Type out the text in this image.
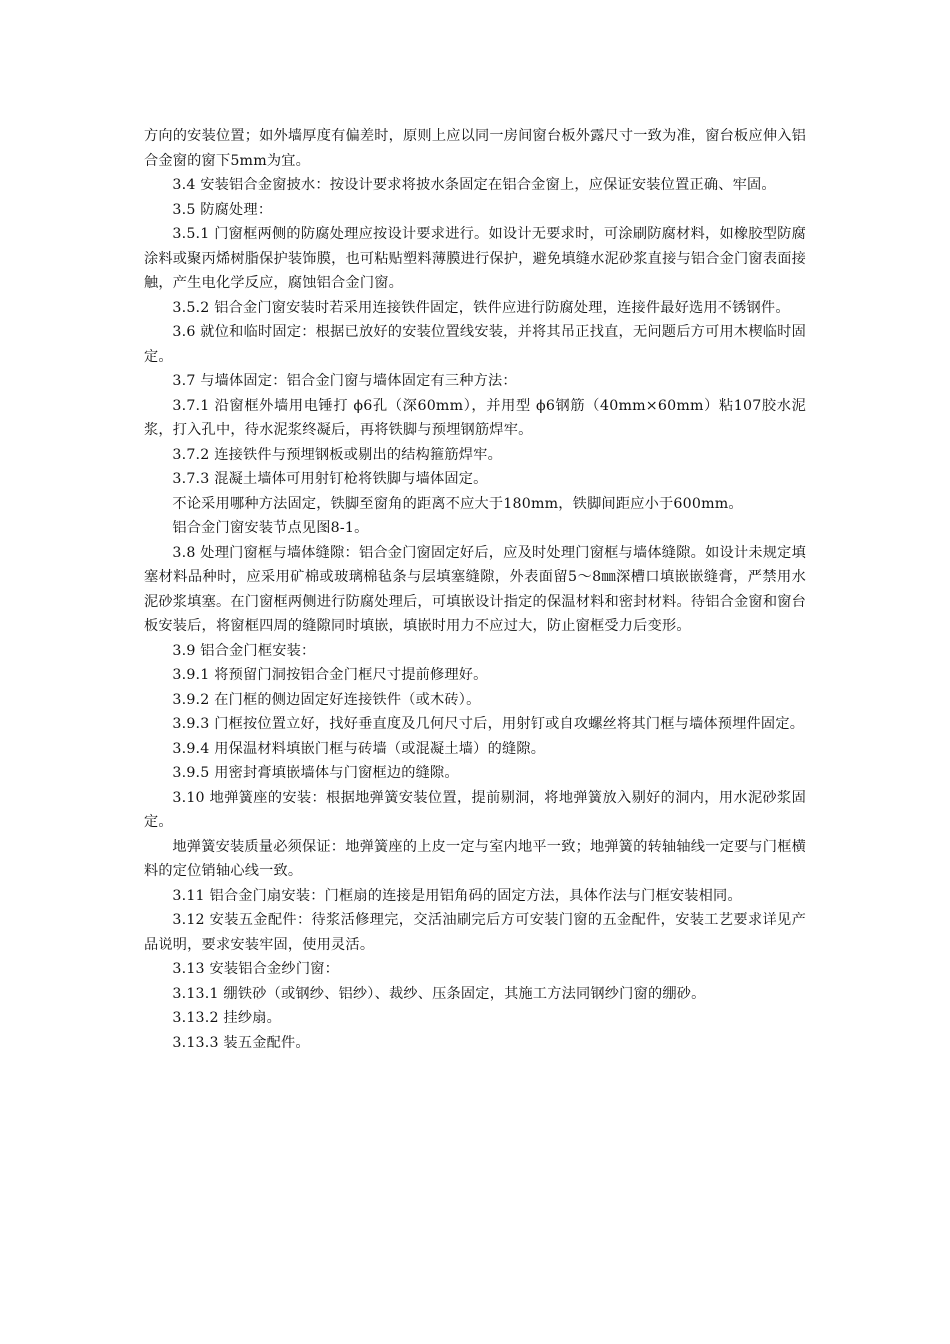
方向的安装位置；如外墙厚度有偏差时，原则上应以同一房间窗台板外露尺寸一致为准，窗台板应伸入铝合金窗的窗下5mm为宜。

3.4 安装铝合金窗披水：按设计要求将披水条固定在铝合金窗上，应保证安装位置正确、牢固。

3.5 防腐处理：

3.5.1 门窗框两侧的防腐处理应按设计要求进行。如设计无要求时，可涂刷防腐材料，如橡胶型防腐涂料或聚丙烯树脂保护装饰膜，也可粘贴塑料薄膜进行保护，避免填缝水泥砂浆直接与铝合金门窗表面接触，产生电化学反应，腐蚀铝合金门窗。

3.5.2 铝合金门窗安装时若采用连接铁件固定，铁件应进行防腐处理，连接件最好选用不锈钢件。

3.6 就位和临时固定：根据已放好的安装位置线安装，并将其吊正找直，无问题后方可用木楔临时固定。

3.7 与墙体固定：铝合金门窗与墙体固定有三种方法：

3.7.1 沿窗框外墙用电锤打 ϕ6孔（深60mm），并用型 ϕ6钢筋（40mm×60mm）粘107胶水泥浆，打入孔中，待水泥浆终凝后，再将铁脚与预埋钢筋焊牢。

3.7.2 连接铁件与预埋钢板或剔出的结构箍筋焊牢。

3.7.3 混凝土墙体可用射钉枪将铁脚与墙体固定。

不论采用哪种方法固定，铁脚至窗角的距离不应大于180mm，铁脚间距应小于600mm。

铝合金门窗安装节点见图8-1。

3.8 处理门窗框与墙体缝隙：铝合金门窗固定好后，应及时处理门窗框与墙体缝隙。如设计未规定填塞材料品种时，应采用矿棉或玻璃棉毡条与层填塞缝隙，外表面留5～8㎜深槽口填嵌嵌缝膏，严禁用水泥砂浆填塞。在门窗框两侧进行防腐处理后，可填嵌设计指定的保温材料和密封材料。待铝合金窗和窗台板安装后，将窗框四周的缝隙同时填嵌，填嵌时用力不应过大，防止窗框受力后变形。

3.9 铝合金门框安装：

3.9.1 将预留门洞按铝合金门框尺寸提前修理好。

3.9.2 在门框的侧边固定好连接铁件（或木砖）。

3.9.3 门框按位置立好，找好垂直度及几何尺寸后，用射钉或自攻螺丝将其门框与墙体预埋件固定。

3.9.4 用保温材料填嵌门框与砖墙（或混凝土墙）的缝隙。

3.9.5 用密封膏填嵌墙体与门窗框边的缝隙。

3.10 地弹簧座的安装：根据地弹簧安装位置，提前剔洞，将地弹簧放入剔好的洞内，用水泥砂浆固定。

地弹簧安装质量必须保证：地弹簧座的上皮一定与室内地平一致；地弹簧的转轴轴线一定要与门框横料的定位销轴心线一致。

3.11 铝合金门扇安装：门框扇的连接是用铝角码的固定方法，具体作法与门框安装相同。

3.12 安装五金配件：待浆活修理完，交活油刷完后方可安装门窗的五金配件，安装工艺要求详见产品说明，要求安装牢固，使用灵活。

3.13 安装铝合金纱门窗：

3.13.1 绷铁砂（或钢纱、铝纱）、裁纱、压条固定，其施工方法同钢纱门窗的绷砂。

3.13.2 挂纱扇。

3.13.3 装五金配件。
